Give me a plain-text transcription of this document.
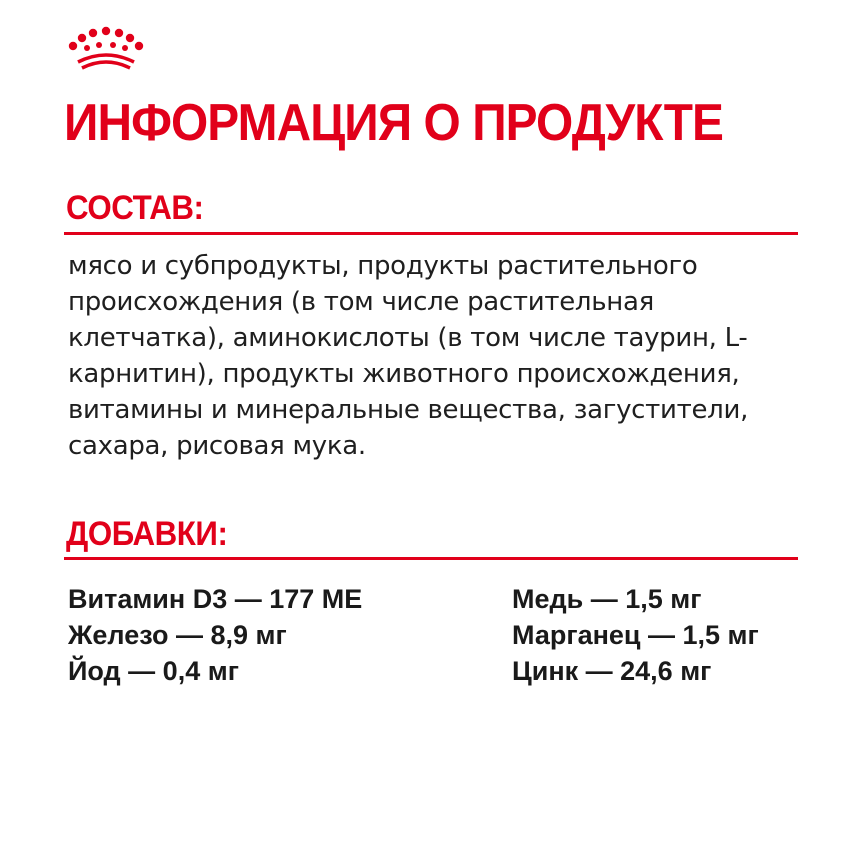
ИНФОРМАЦИЯ О ПРОДУКТЕ
СОСТАВ:

мясо и субпродукты, продукты растительного происхождения (в том числе растительная клетчатка), аминокислоты (в том числе таурин, L-карнитин), продукты животного происхождения, витамины и минеральные вещества, загустители, сахара, рисовая мука.

ДОБАВКИ:
Витамин D3 — 177 МЕ
Железо — 8,9 мг
Йод — 0,4 мг
Медь — 1,5 мг
Марганец — 1,5 мг
Цинк — 24,6 мг
